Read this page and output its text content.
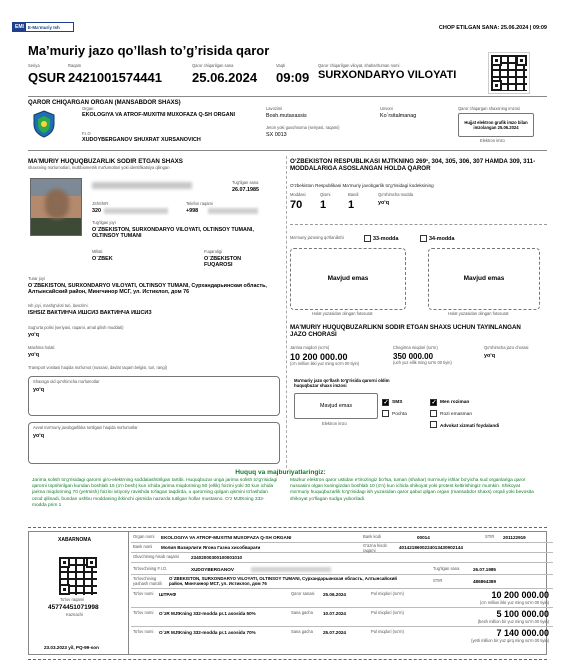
EMI E-Ma'muriy Ish	CHOP ETILGAN SANA: 25.06.2024 | 09:09
Ma’muriy jazo qo’llash to’g’risida qaror
Seriya
QSUR
Raqam
2421001574441
Qaror chiqarilgan sana
25.06.2024
Vaqti
09:09
Qaror chiqarilgan viloyat, shahar/tuman nomi
SURXONDARYO VILOYATI
QAROR CHIQARGAN ORGAN (MANSABDOR SHAXS)
Organ
EKOLOGIYA VA ATROF-MUXITNI MUXOFAZA Q-SH ORGANI
F.I.O
XUDOYBERGANOV SHUXRAT XURSANOVICH
Lavozimi
Bosh.mutaxassis
Unvoni
Ko`rsitalmanag
Jeton yoki guvohnoma (seriyasi, raqami)
SX 0013
Qaror chiqargan shaxsning imzosi
Hujjat elektron grafik imzo bilan imzolangan 25.06.2024
Elektron imzo
MA’MURIY HUQUQBUZARLIK SODIR ETGAN SHAXS
shaxsning ma'lumotlari, multibiometrik ma'lumotlari yoki identifikatsiya qilingan
Tug'ilgan sana
26.07.1985
JShShIR
320
Telefon raqami
+998
Tug'ilgan joyi
O`ZBEKISTON, SURXONDARYO VILOYATI, OLTINSOY TUMANI, OLTINSOY TUMANI
Millati
O`ZBEK
Fuqaroligi
O`ZBEKISTON FUQAROSI
Turar joyi
O`ZBEKISTON, SURXONDARYO VILOYATI, OLTINSOY TUMANI, Сурхандарьинская область, Алтынсайский район, Мингчинор МСГ, ул. Истиклол, дом 76
Ish joyi, mashg'uloti turi, lavozimi
ISHSIZ ВАКТИНЧА ИШСИЗ ВАКТИНЧА ИШСИЗ
Sug'urta polisi (seriyasi, raqami, amal qilish muddati)
yo‘q
Mashina holati
yo‘q
Transport vositasi haqida ma'lumot (nusxasi, davlat raqam belgisi, turi, rangi)
Shaxsga oid qo'shimcha ma'lumotlar
yo‘q
Avval ma'muriy javobgarlikka tortilgani haqida ma'lumotlar
yo‘q
O‘ZBEKISTON RESPUBLIKASI MJTKNING 269¹, 304, 305, 306, 307 HAMDA 309, 311-MODDALARIGA ASOSLANGAN HOLDA QAROR
O'zbekiston Respublikasi Ma'muriy javobgarlik to'g'risidagi kodeksining
Moddasi
70
Qismi
1
Bandi
1
Qo'shimcha modda
yo‘q
Ma'muriy jazoning qo'llanilishi	33-modda	34-modda
Mavjud emas
Holat yuzasidan olingan fotosurat
Mavjud emas
Holat yuzasidan olingan fotosurat
MA’MURIY HUQUQBUZARLIKNI SODIR ETGAN SHAXS UCHUN TAYINLANGAN JAZO CHORASI
Jarima miqdori (so'm)
10 200 000.00
(o'n million ikki yuz ming so'm 00 tiyin)
Chegirma miqdori (so'm)
350 000.00
(uch yuz ellik ming so'm 00 tiyin)
Qo'shimcha jazo chorasi
yo‘q
Ma'muriy jazo qo'llash to'g'risida qarorni oldim huquqbuzar shaxs imzosi
Mavjud emas
Elektron imzo
✓
SMS
Pochta
✓
Men roziman
Rozi emasman
Advokat xizmati foydalandi
Huquq va majburiyatlaringiz:
Jarima solish to'g'risidagi qarorni giro-elektrning soddalashtirilgan tartibi. Huquqbuzar unga jarima solish to'g'risidagi qarorni topshirilgan kundan boshlab 15 (o'n besh) kun ichida jarima miqdorining 50 (ellik) foizini yoki 30 kun ichida jarima miqdorining 70 (yetmish) foizini ixtiyoriy ravishda to'lagan taqdirda, u qarorning qolgan qismini to'lashdan ozod qilinadi, bundan ushbu moddaning ikkinchi qismida nazarda tutilgan hollar mustasno. O‘z MJtKning 332-modda prim 1
Mazkur elektron qaror ustidan e'tirozingiz bo'lsa, tuman (shahar) ma'muriy ishlar bo'yicha sud organlariga qaror nusxasini olgan kuningizdan boshlab 10 (o'n) kun ichida shikoyat yoki protest keltirishingiz mumkin. Shikoyat ma'muriy huquqbuzarlik to'g'risidagi ish yuzasidan qaror qabul qilgan organ (mansabdor shaxs) orqali yoki bevosita shikoyat yo'llagan sudga yuboriladi.
XABARNOMA
To'lov raqami
45774451071998
Kaznachi
23.03.2023 yil, PQ-99-son
Organ nomi EKOLOGIYA VA ATROF-MUXITNI MUXOFAZA Q-SH ORGANI	Bank kodi	00014	STIR 201122919
Bank nomi Молия Вазирлиги Ягона Газна хисобварағи	G'azna hisob raqami
4014218600224013430902144
Oluvchining hisob raqami	23402000300100001010
To'lovchining F.I.O.	XUDOYBERGANOV	Tug'ilgan sana	26.07.1985
To'lovchining yashash manzili
O`ZBEKISTON, SURXONDARYO VILOYATI, OLTINSOY TUMANI, Сурхандарьинская область, Алтынсайский район, Мингчинор МСГ, ул. Истиклол, дом 76
STIR	486864389
To'lov nomi ШТРАФ	Qaror sanasi 25.06.2024	Pul miqdori (so'm)	10 200 000.00
(o'n million ikki yuz ming so'm 00 tiyin)
To'lov nomi O`zR MJtKning 332-modda pr.1 asosida 50%	Sana gacha 10.07.2024	Pul miqdori (so'm)	5 100 000.00
(besh million bir yuz ming so'm 00 tiyin)
To'lov nomi O`zR MJtKning 332-modda pr.1 asosida 70%	Sana gacha 25.07.2024	Pul miqdori (so'm)	7 140 000.00
(yetti million bir yuz qirq ming so'm 00 tiyin)
